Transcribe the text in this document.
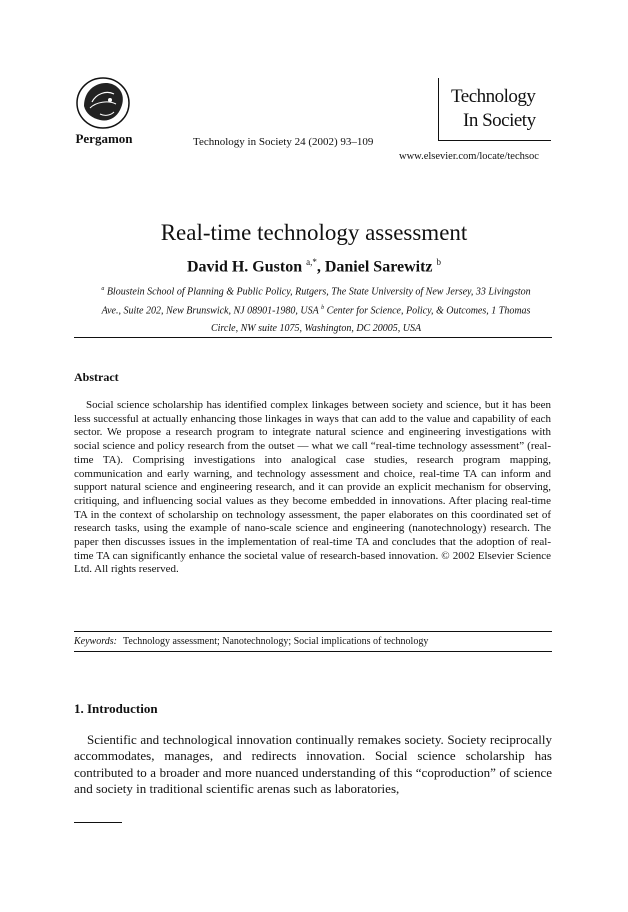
Pergamon	Technology in Society 24 (2002) 93–109
Technology
In Society
www.elsevier.com/locate/techsoc
Real-time technology assessment
David H. Guston $^{a,*}$, Daniel Sarewitz $^b$
$^a$ Bloustein School of Planning & Public Policy, Rutgers, The State University of New Jersey, 33 Livingston Ave., Suite 202, New Brunswick, NJ 08901-1980, USA $^b$ Center for Science, Policy, & Outcomes, 1 Thomas Circle, NW suite 1075, Washington, DC 20005, USA
Abstract

Social science scholarship has identified complex linkages between society and science, but it has been less successful at actually enhancing those linkages in ways that can add to the value and capability of each sector. We propose a research program to integrate natural science and engineering investigations with social science and policy research from the outset — what we call “real-time technology assessment” (real-time TA). Comprising investigations into analogical case studies, research program mapping, communication and early warning, and technology assessment and choice, real-time TA can inform and support natural science and engineering research, and it can provide an explicit mechanism for observing, critiquing, and influencing social values as they become embedded in innovations. After placing real-time TA in the context of scholarship on technology assessment, the paper elaborates on this coordinated set of research tasks, using the example of nano-scale science and engineering (nanotechnology) research. The paper then discusses issues in the implementation of real-time TA and concludes that the adoption of real-time TA can significantly enhance the societal value of research-based innovation. © 2002 Elsevier Science Ltd. All rights reserved.

Keywords: Technology assessment; Nanotechnology; Social implications of technology
1. Introduction

Scientific and technological innovation continually remakes society. Society reciprocally accommodates, manages, and redirects innovation. Social science scholarship has contributed to a broader and more nuanced understanding of this “coproduction” of science and society in traditional scientific arenas such as laboratories,
